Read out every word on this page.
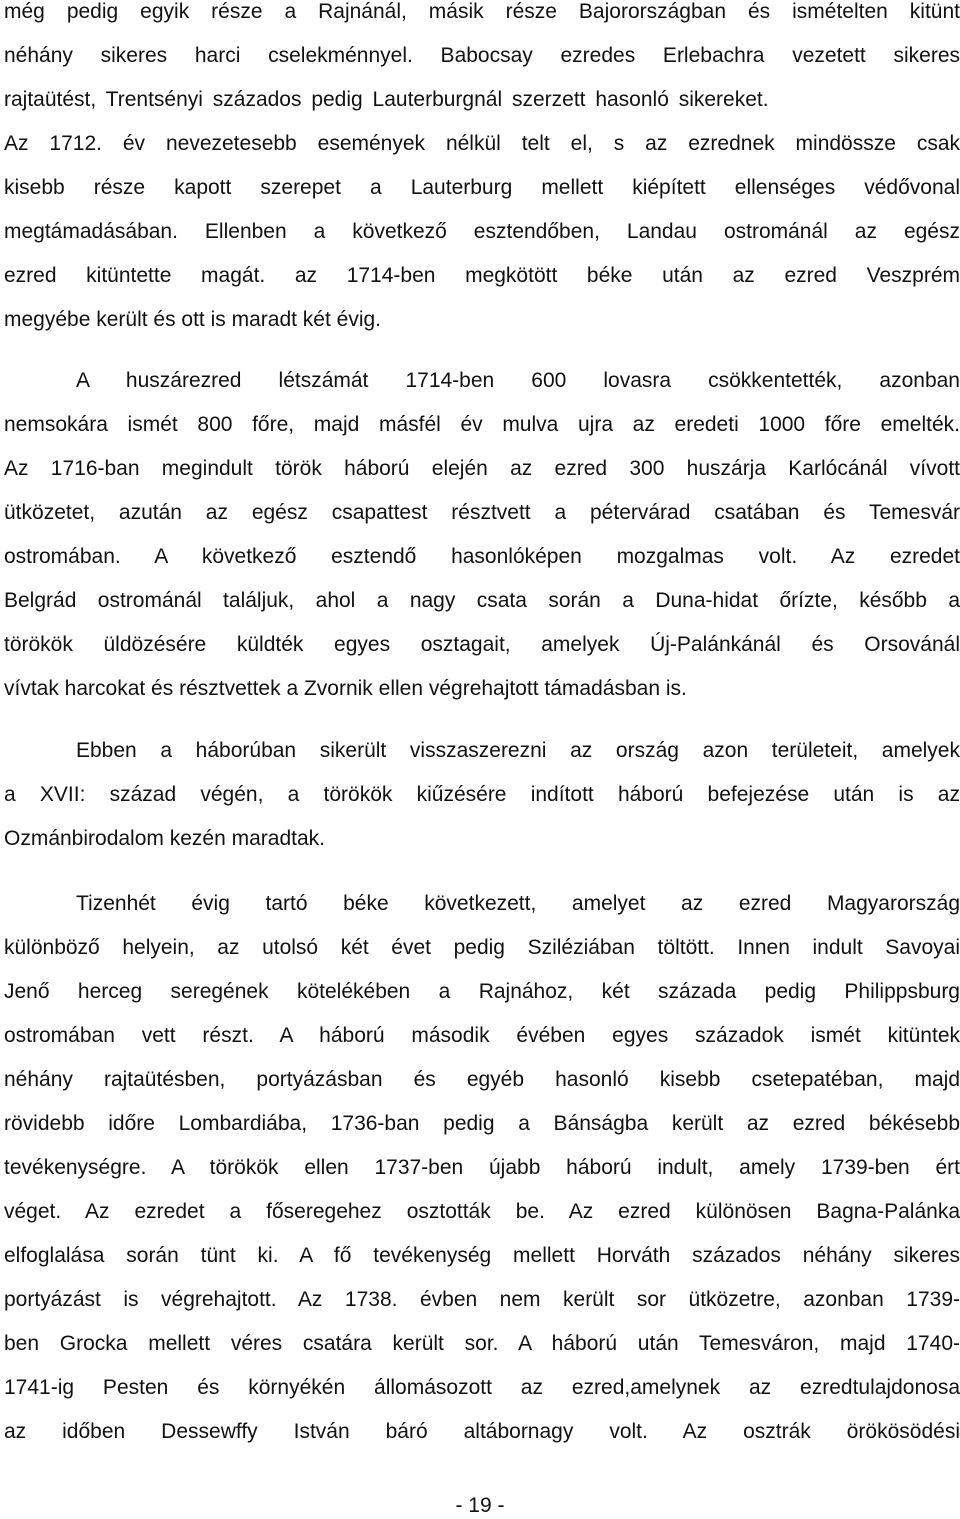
még pedig egyik része a Rajnánál, másik része Bajorországban és ismételten kitünt
néhány sikeres harci cselekménnyel. Babocsay ezredes Erlebachra vezetett sikeres
rajtaütést, Trentsényi százados pedig Lauterburgnál szerzett hasonló sikereket.
Az 1712. év nevezetesebb események nélkül telt el, s az ezrednek mindössze csak
kisebb része kapott szerepet a Lauterburg mellett kiépített ellenséges védővonal
megtámadásában. Ellenben a következő esztendőben, Landau ostrománál az egész
ezred kitüntette magát. az 1714-ben megkötött béke után az ezred Veszprém
megyébe került és ott is maradt két évig.
A huszárezred létszámát 1714-ben 600 lovasra csökkentették, azonban
nemsokára ismét 800 főre, majd másfél év mulva ujra az eredeti 1000 főre emelték.
Az 1716-ban megindult török háború elején az ezred 300 huszárja Karlócánál vívott
ütközetet, azután az egész csapattest résztvett a pétervárad csatában és Temesvár
ostromában. A következő esztendő hasonlóképen mozgalmas volt. Az ezredet
Belgrád ostrománál találjuk, ahol a nagy csata során a Duna-hidat őrízte, később a
törökök üldözésére küldték egyes osztagait, amelyek Új-Palánkánál és Orsovánál
vívtak harcokat és résztvettek a Zvornik ellen végrehajtott támadásban is.
Ebben a háborúban sikerült visszaszerezni az ország azon területeit, amelyek
a XVII: század végén, a törökök kiűzésére indított háború befejezése után is az
Ozmánbirodalom kezén maradtak.
Tizenhét évig tartó béke következett, amelyet az ezred Magyarország
különböző helyein, az utolsó két évet pedig Sziléziában töltött. Innen indult Savoyai
Jenő herceg seregének kötelékében a Rajnához, két százada pedig Philippsburg
ostromában vett részt. A háború második évében egyes századok ismét kitüntek
néhány rajtaütésben, portyázásban és egyéb hasonló kisebb csetepatéban, majd
rövidebb időre Lombardiába, 1736-ban pedig a Bánságba került az ezred békésebb
tevékenységre. A törökök ellen 1737-ben újabb háború indult, amely 1739-ben ért
véget. Az ezredet a főseregehez osztották be. Az ezred különösen Bagna-Palánka
elfoglalása során tünt ki. A fő tevékenység mellett Horváth százados néhány sikeres
portyázást is végrehajtott. Az 1738. évben nem került sor ütközetre, azonban 1739-
ben Grocka mellett véres csatára került sor. A háború után Temesváron, majd 1740-
1741-ig Pesten és környékén állomásozott az ezred,amelynek az ezredtulajdonosa
az időben Dessewffy István báró altábornagy volt. Az osztrák örökösödési
- 19 -
